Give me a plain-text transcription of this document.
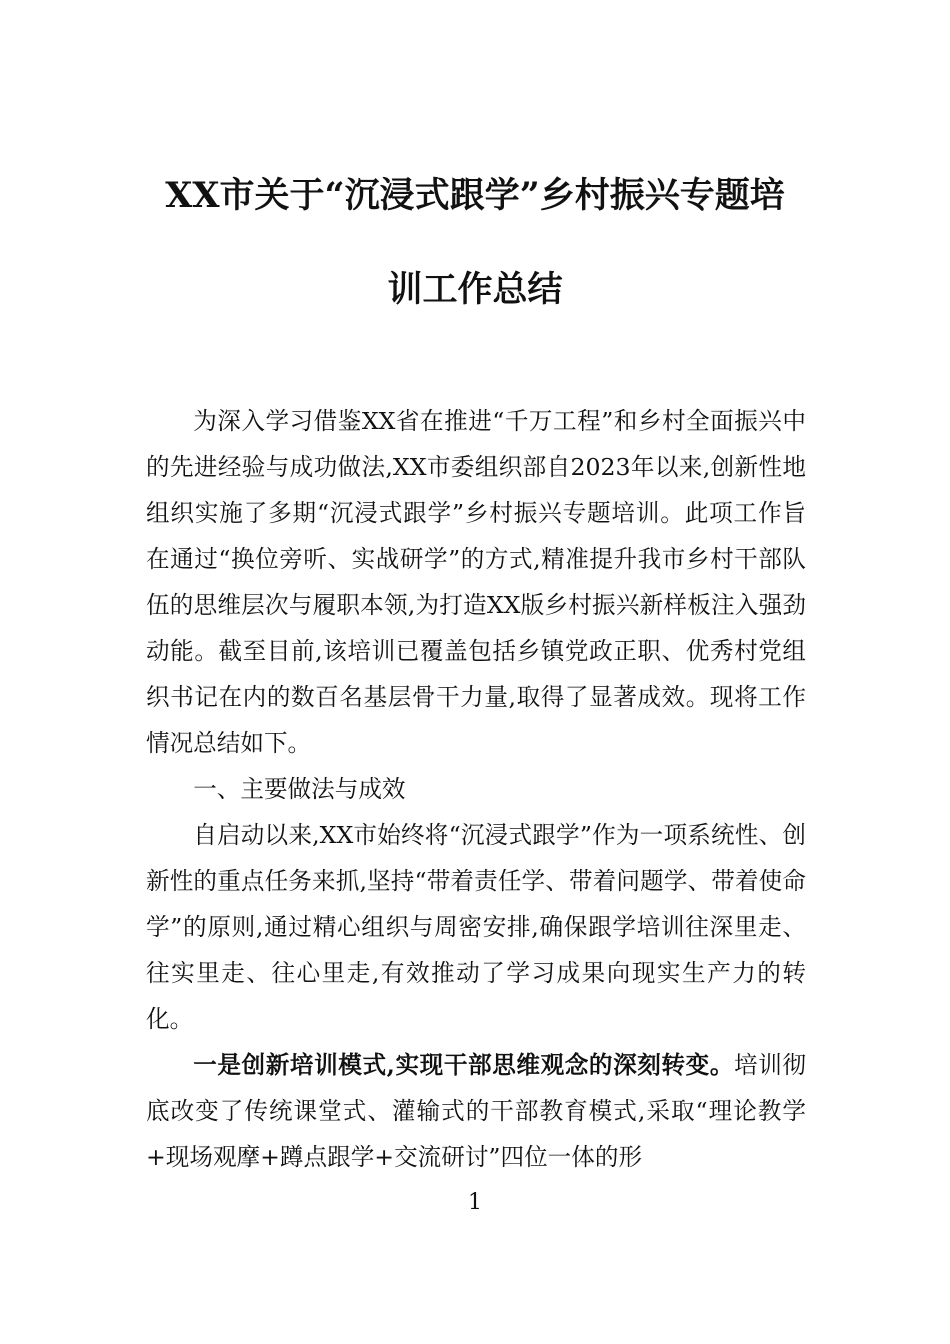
XX市关于“沉浸式跟学”乡村振兴专题培
训工作总结

为深入学习借鉴XX省在推进“千万工程”和乡村全面振兴中的先进经验与成功做法,XX市委组织部自2023年以来,创新性地组织实施了多期“沉浸式跟学”乡村振兴专题培训。此项工作旨在通过“换位旁听、实战研学”的方式,精准提升我市乡村干部队伍的思维层次与履职本领,为打造XX版乡村振兴新样板注入强劲动能。截至目前,该培训已覆盖包括乡镇党政正职、优秀村党组织书记在内的数百名基层骨干力量,取得了显著成效。现将工作情况总结如下。

一、主要做法与成效

自启动以来,XX市始终将“沉浸式跟学”作为一项系统性、创新性的重点任务来抓,坚持“带着责任学、带着问题学、带着使命学”的原则,通过精心组织与周密安排,确保跟学培训往深里走、往实里走、往心里走,有效推动了学习成果向现实生产力的转化。

一是创新培训模式,实现干部思维观念的深刻转变。培训彻底改变了传统课堂式、灌输式的干部教育模式,采取“理论教学+现场观摩+蹲点跟学+交流研讨”四位一体的形

1
